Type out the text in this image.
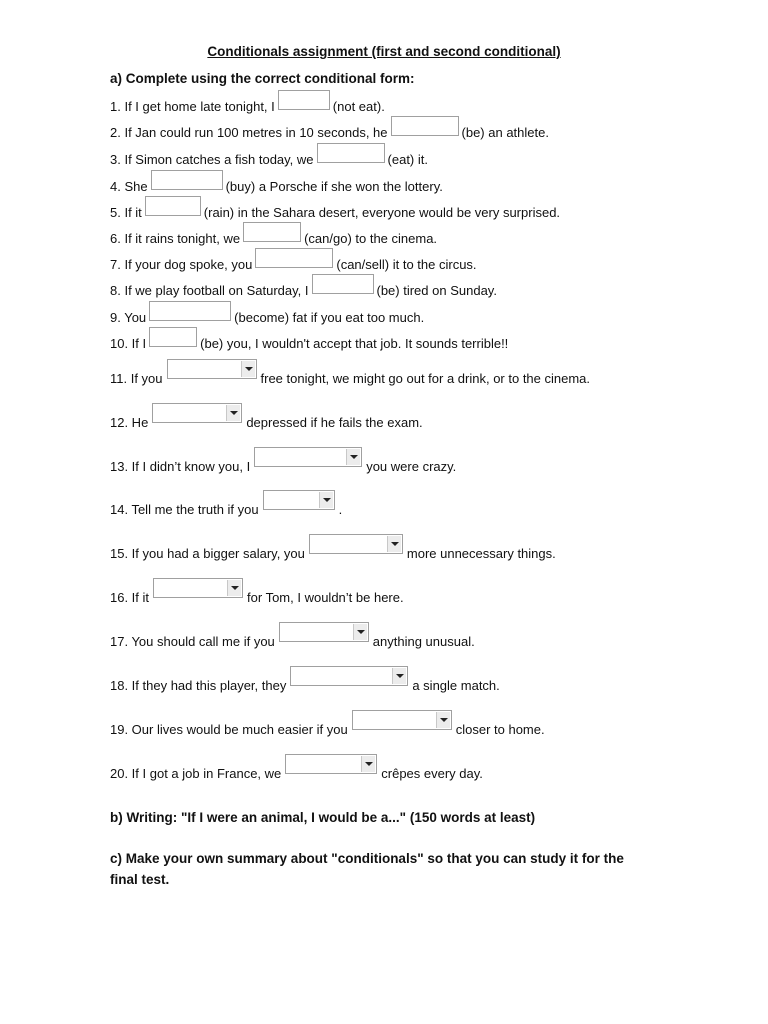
Conditionals assignment (first and second conditional)
a) Complete using the correct conditional form:
1. If I get home late tonight, I	(not eat).
2. If Jan could run 100 metres in 10 seconds, he	(be) an athlete.
3. If Simon catches a fish today, we	(eat) it.
4. She	(buy) a Porsche if she won the lottery.
5. If it	(rain) in the Sahara desert, everyone would be very surprised.
6. If it rains tonight, we	(can/go) to the cinema.
7. If your dog spoke, you	(can/sell) it to the circus.
8. If we play football on Saturday, I	(be) tired on Sunday.
9. You	(become) fat if you eat too much.
10. If I	(be) you, I wouldn't accept that job. It sounds terrible!!
11. If you	free tonight, we might go out for a drink, or to the cinema.
12. He	depressed if he fails the exam.
13. If I didn’t know you, I	you were crazy.
14. Tell me the truth if you	.
15. If you had a bigger salary, you	more unnecessary things.
16. If it	for Tom, I wouldn’t be here.
17. You should call me if you	anything unusual.
18. If they had this player, they	a single match.
19. Our lives would be much easier if you	closer to home.
20. If I got a job in France, we	crêpes every day.
b) Writing: "If I were an animal, I would be a..." (150 words at least)
c) Make your own summary about "conditionals" so that you can study it for the
final test.
